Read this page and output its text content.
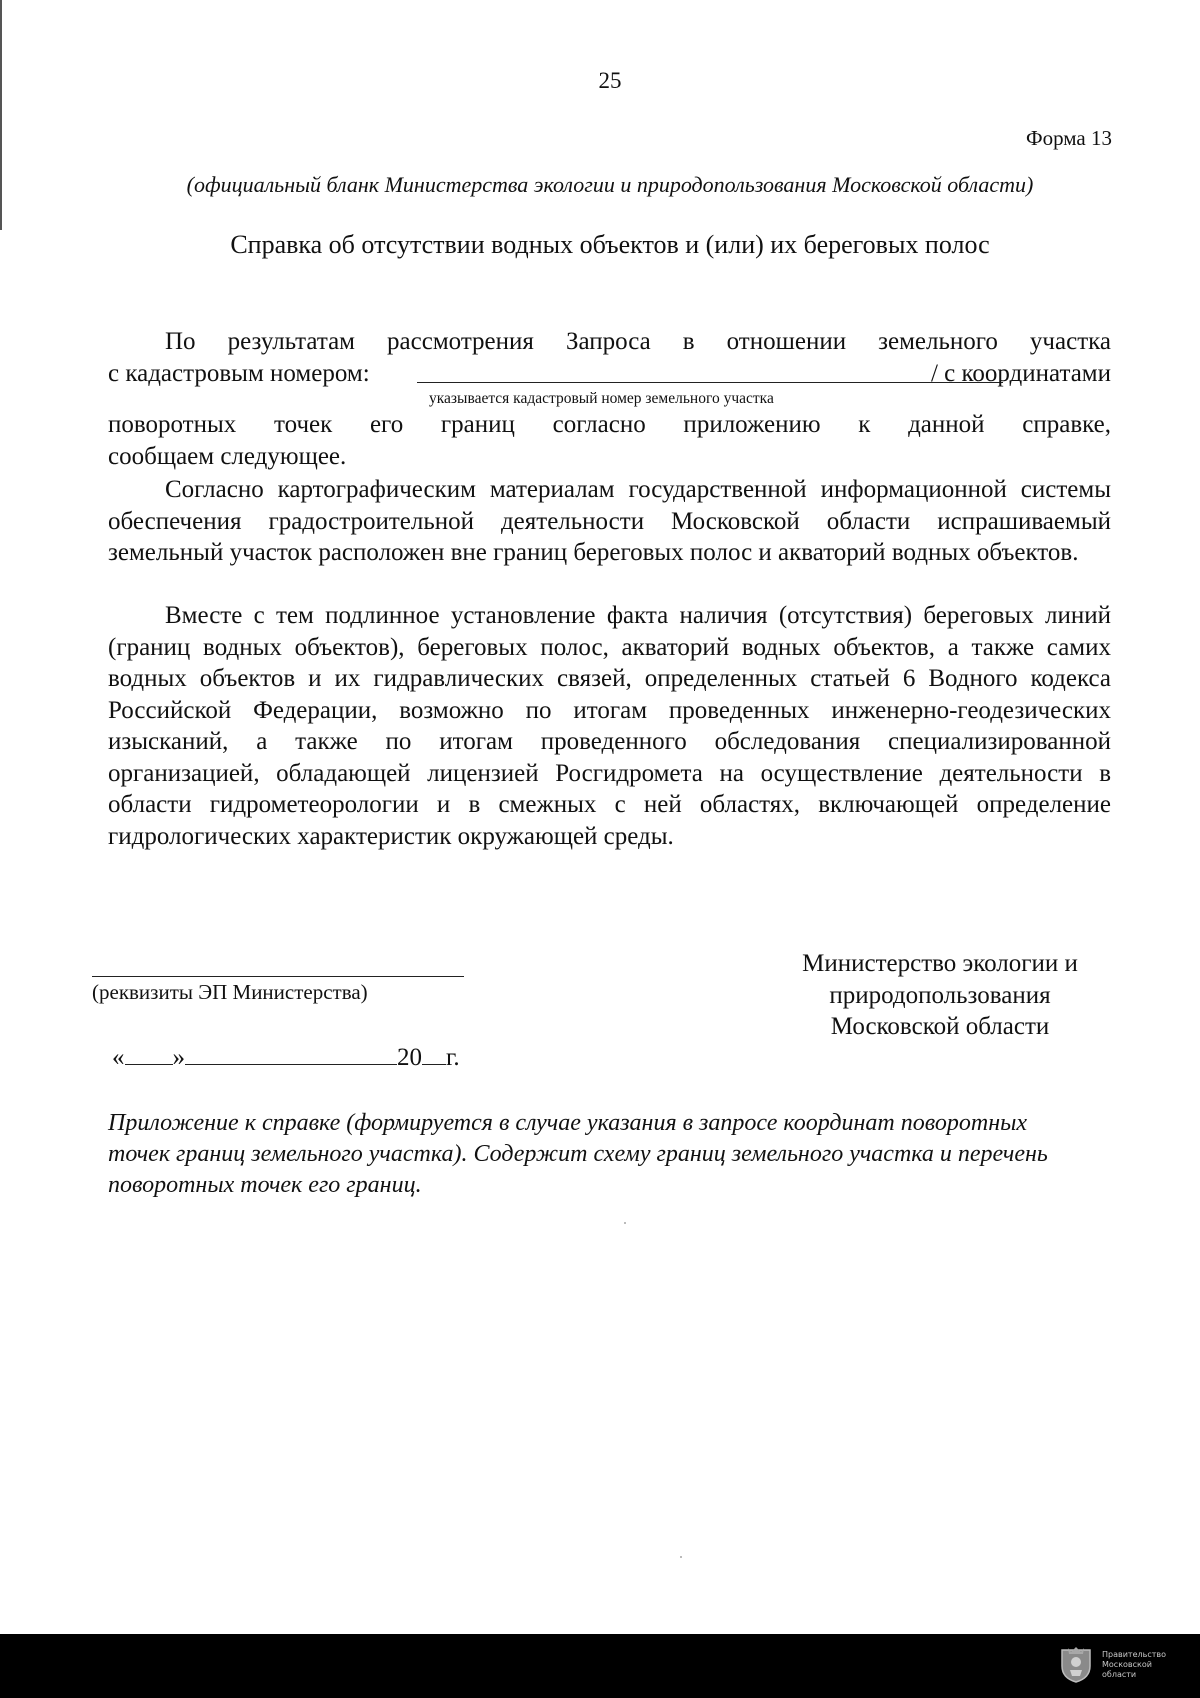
25
Форма 13
(официальный бланк Министерства экологии и природопользования Московской области)
Справка об отсутствии водных объектов и (или) их береговых полос
По результатам рассмотрения Запроса в отношении земельного участка
с кадастровым номером:	/ с координатами
указывается кадастровый номер земельного участка
поворотных точек его границ согласно приложению к данной справке,
сообщаем следующее.
Согласно картографическим материалам государственной информационной системы обеспечения градостроительной деятельности Московской области испрашиваемый земельный участок расположен вне границ береговых полос и акваторий водных объектов.
Вместе с тем подлинное установление факта наличия (отсутствия) береговых линий (границ водных объектов), береговых полос, акваторий водных объектов, а также самих водных объектов и их гидравлических связей, определенных статьей 6 Водного кодекса Российской Федерации, возможно по итогам проведенных инженерно-геодезических изысканий, а также по итогам проведенного обследования специализированной организацией, обладающей лицензией Росгидромета на осуществление деятельности в области гидрометеорологии и в смежных с ней областях, включающей определение гидрологических характеристик окружающей среды.
Министерство экологии и
природопользования
Московской области
(реквизиты ЭП Министерства)
« »	20 г.
Приложение к справке (формируется в случае указания в запросе координат поворотных точек границ земельного участка). Содержит схему границ земельного участка и перечень поворотных точек его границ.
Правительство
Московской области
